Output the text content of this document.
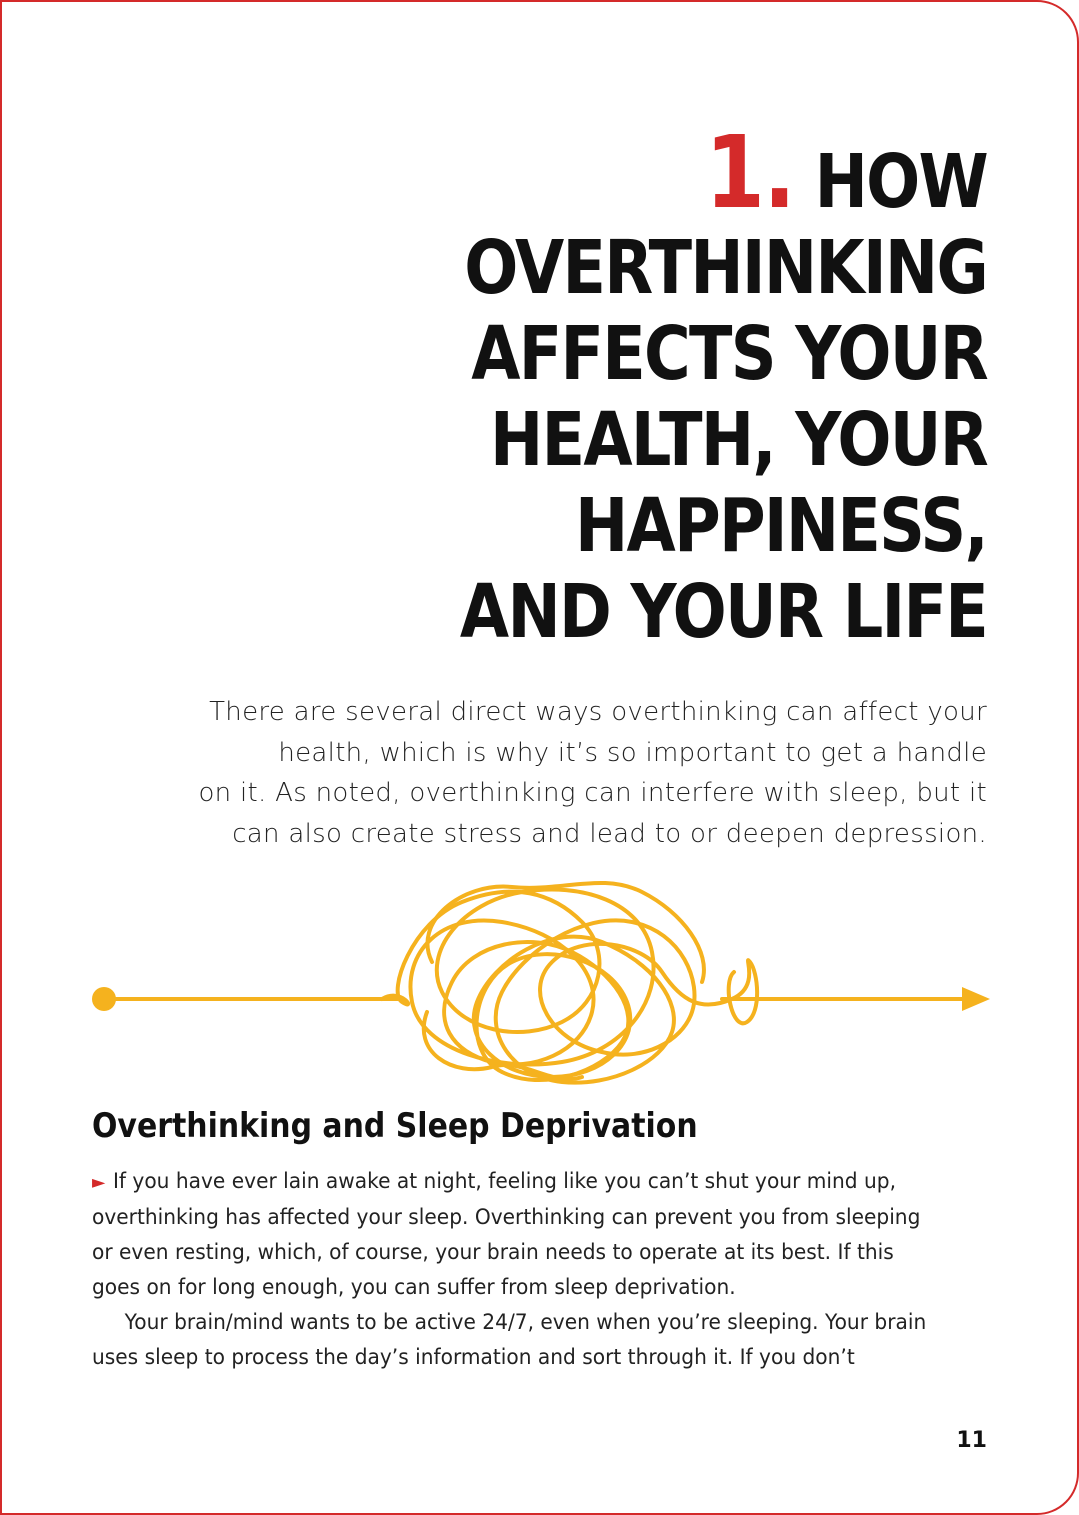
1. HOW
OVERTHINKING
AFFECTS YOUR
HEALTH, YOUR
HAPPINESS,
AND YOUR LIFE
There are several direct ways overthinking can affect your
health, which is why it’s so important to get a handle
on it. As noted, overthinking can interfere with sleep, but it
can also create stress and lead to or deepen depression.
Overthinking and Sleep Deprivation
► If you have ever lain awake at night, feeling like you can’t shut your mind up,
overthinking has affected your sleep. Overthinking can prevent you from sleeping
or even resting, which, of course, your brain needs to operate at its best. If this
goes on for long enough, you can suffer from sleep deprivation.
Your brain/mind wants to be active 24/7, even when you’re sleeping. Your brain
uses sleep to process the day’s information and sort through it. If you don’t
11
